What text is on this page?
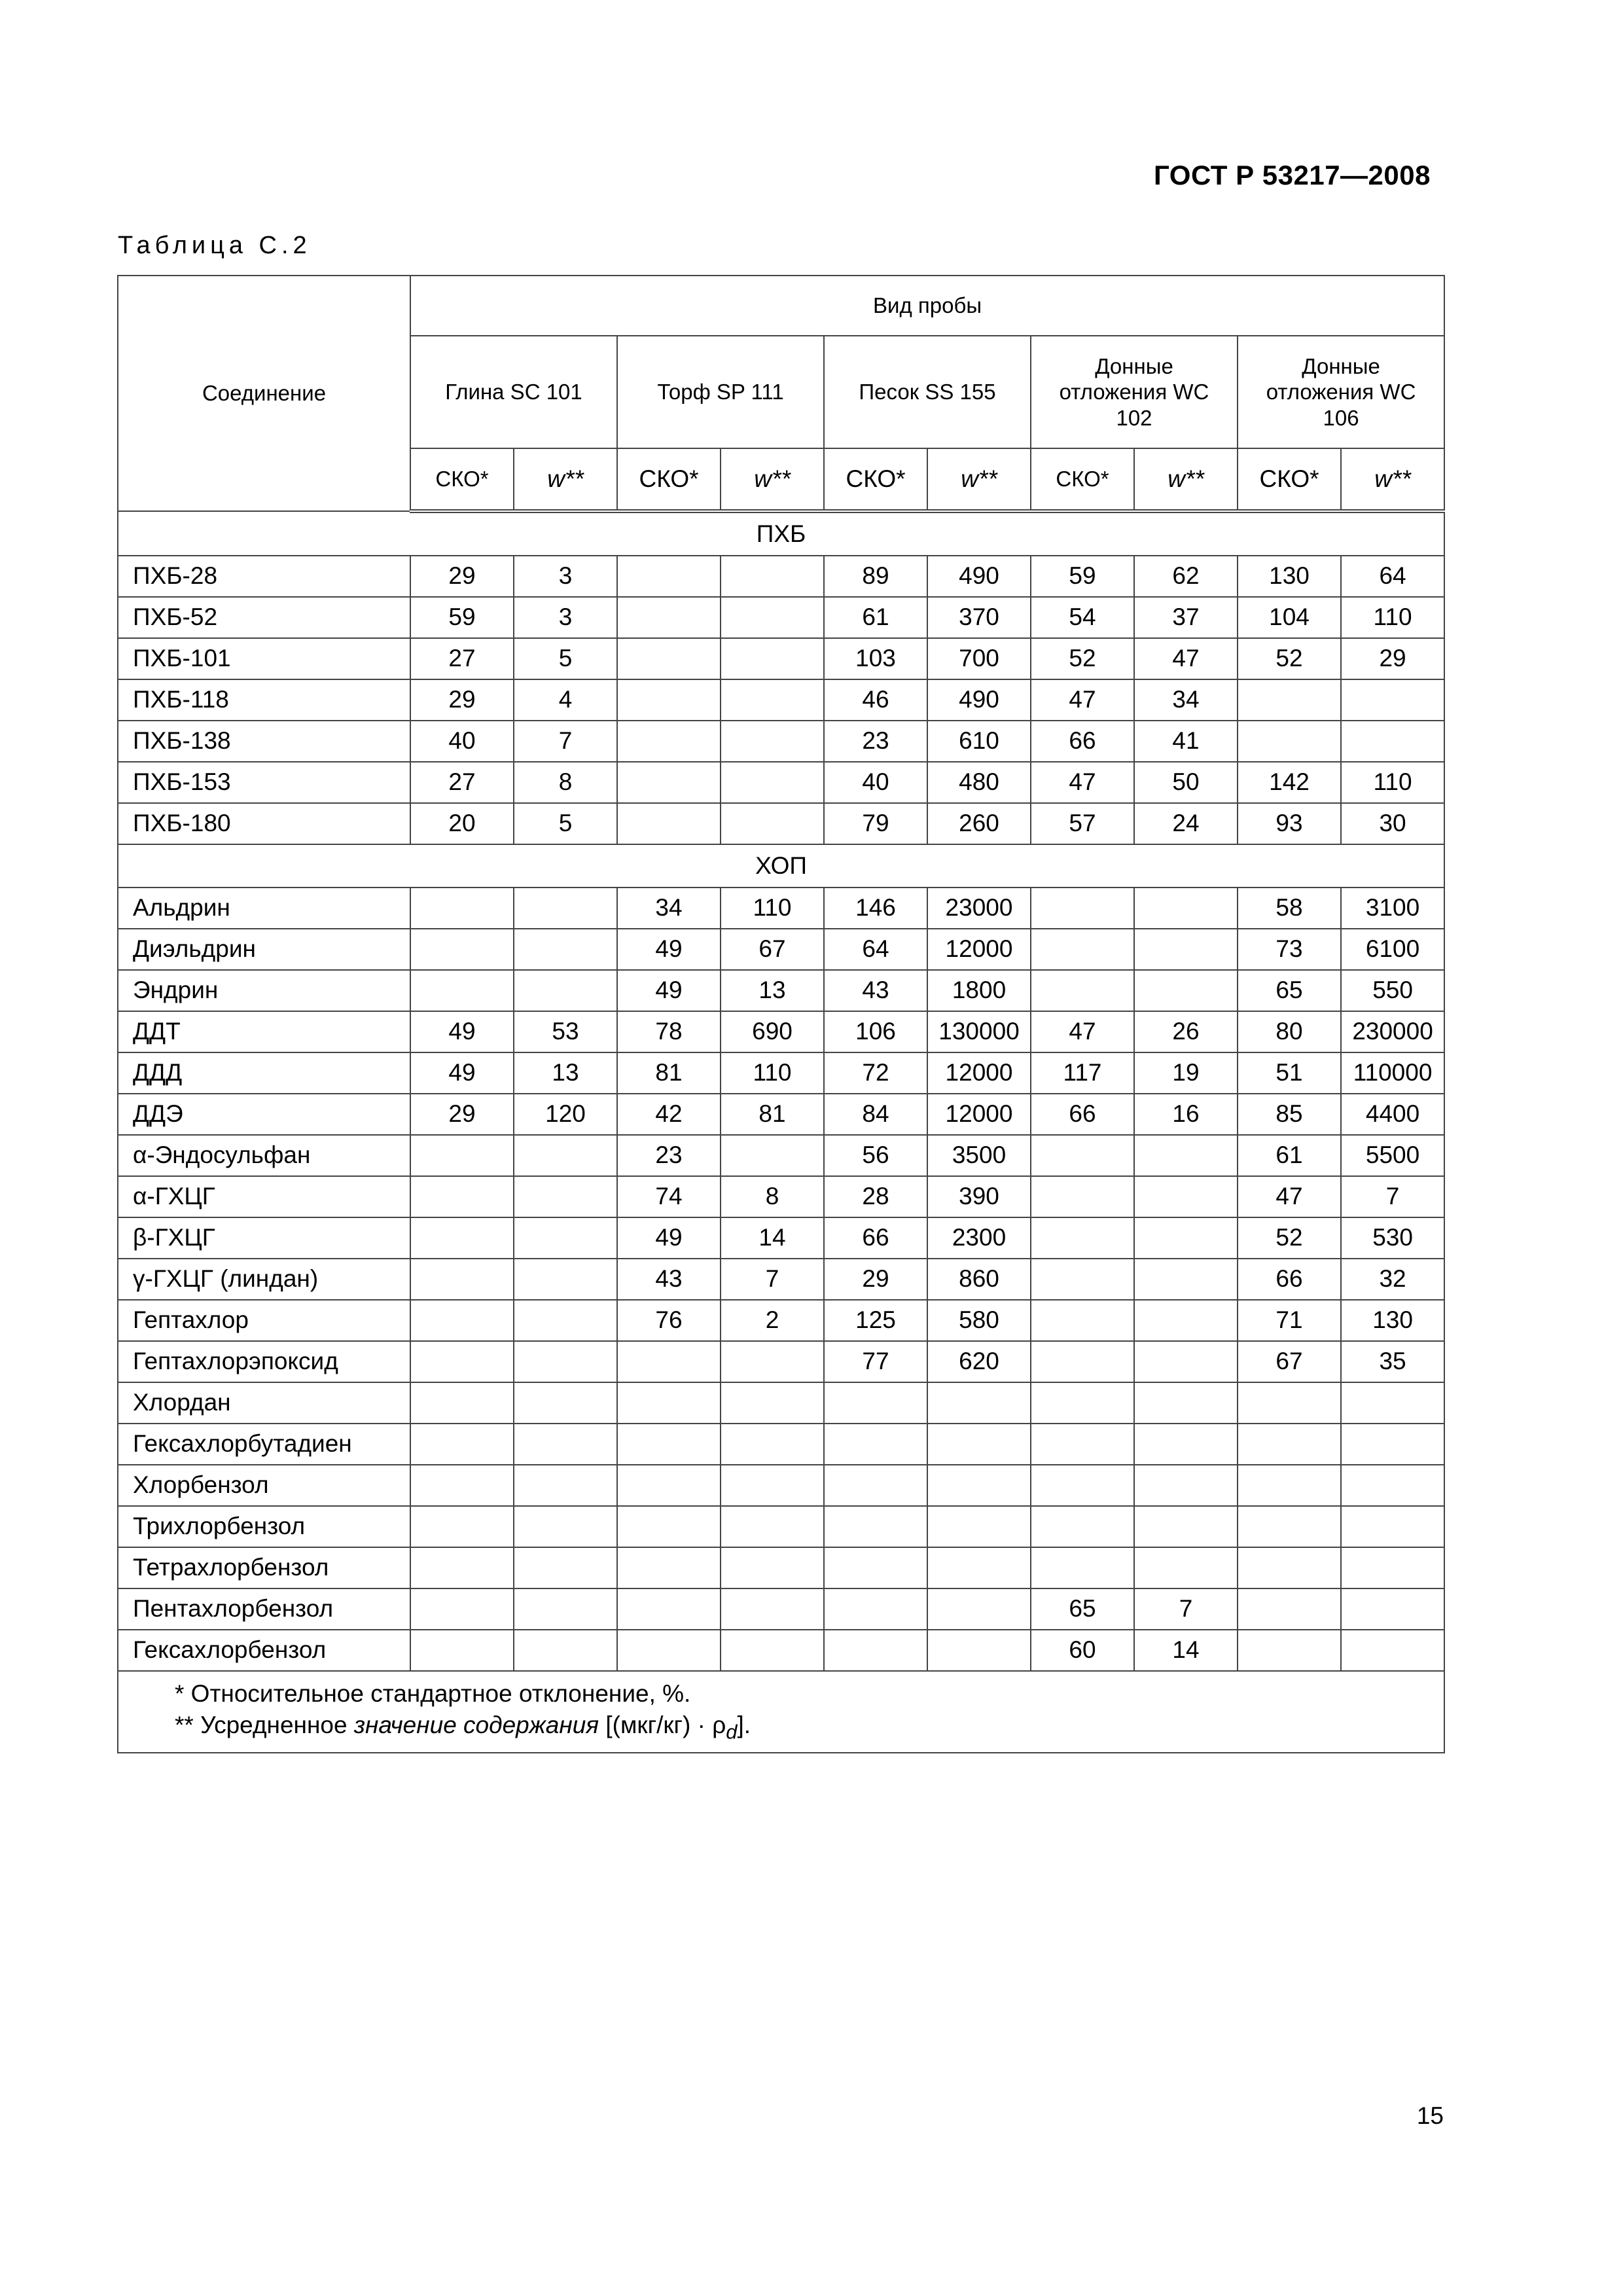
ГОСТ Р 53217—2008
Таблица С.2
Соединение	Вид пробы									
	Глина SC 101		Торф SP 111		Песок SS 155		Донные отложения WC 102		Донные отложения WC 106	
	СКО*	w**	СКО*	w**	СКО*	w**	СКО*	w**	СКО*	w**
ПХБ										
ПХБ-28	29	3			89	490	59	62	130	64
ПХБ-52	59	3			61	370	54	37	104	110
ПХБ-101	27	5			103	700	52	47	52	29
ПХБ-118	29	4			46	490	47	34		
ПХБ-138	40	7			23	610	66	41		
ПХБ-153	27	8			40	480	47	50	142	110
ПХБ-180	20	5			79	260	57	24	93	30
ХОП										
Альдрин			34	110	146	23000			58	3100
Диэльдрин			49	67	64	12000			73	6100
Эндрин			49	13	43	1800			65	550
ДДТ	49	53	78	690	106	130000	47	26	80	230000
ДДД	49	13	81	110	72	12000	117	19	51	110000
ДДЭ	29	120	42	81	84	12000	66	16	85	4400
α-Эндосульфан			23		56	3500			61	5500
α-ГХЦГ			74	8	28	390			47	7
β-ГХЦГ			49	14	66	2300			52	530
γ-ГХЦГ (линдан)			43	7	29	860			66	32
Гептахлор			76	2	125	580			71	130
Гептахлорэпоксид					77	620			67	35
Хлордан										
Гексахлорбутадиен										
Хлорбензол										
Трихлорбензол										
Тетрахлорбензол										
Пентахлорбензол							65	7		
Гексахлорбензол							60	14		

* Относительное стандартное отклонение, %.
** Усредненное значение содержания $[(мкг/кг) \cdot \rho_d]$.										
15
